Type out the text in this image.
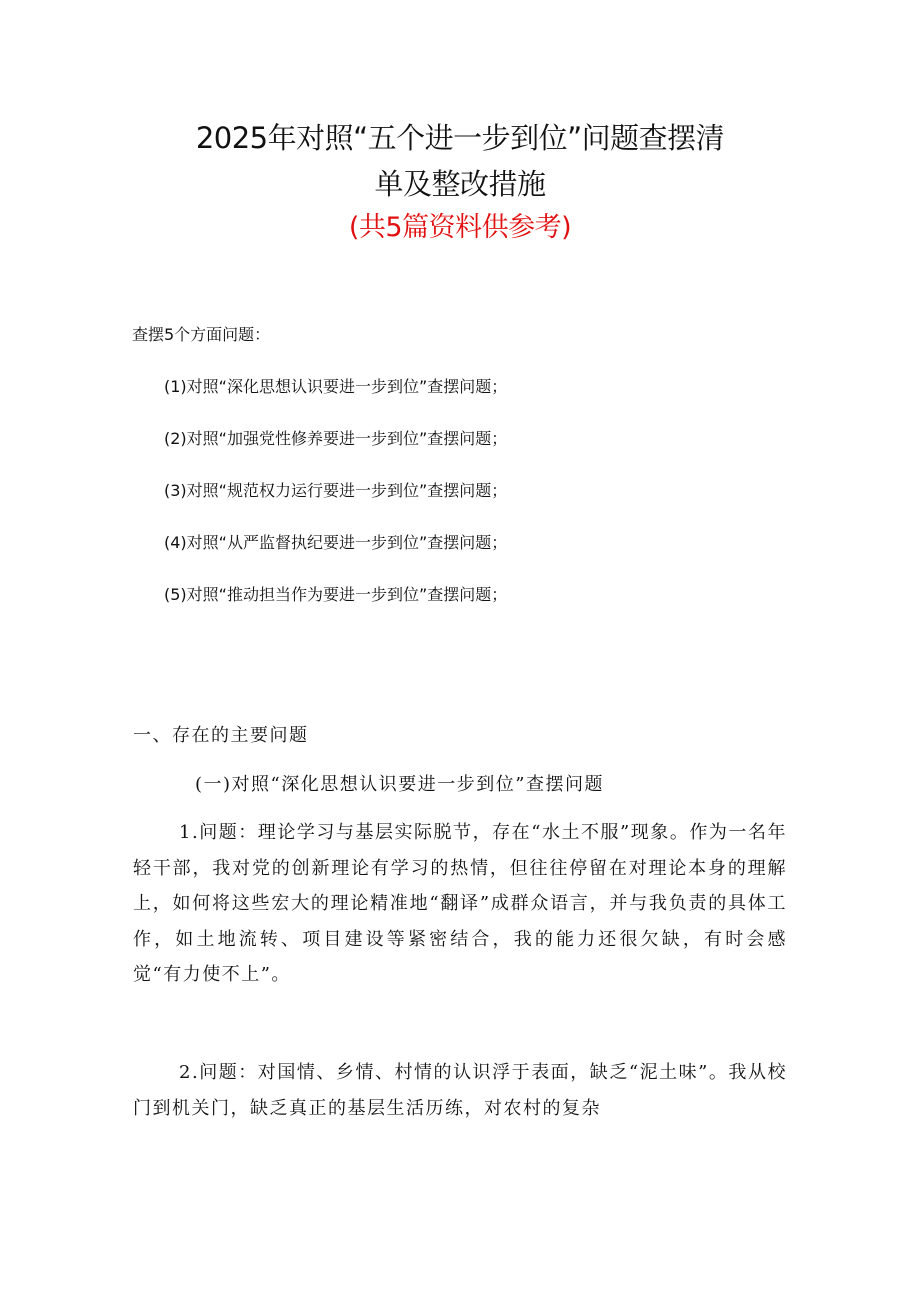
2025年对照“五个进一步到位”问题查摆清
单及整改措施
(共5篇资料供参考)
查摆5个方面问题：
(1)对照“深化思想认识要进一步到位”查摆问题；
(2)对照“加强党性修养要进一步到位”查摆问题；
(3)对照“规范权力运行要进一步到位”查摆问题；
(4)对照“从严监督执纪要进一步到位”查摆问题；
(5)对照“推动担当作为要进一步到位”查摆问题；
一、存在的主要问题
(一)对照“深化思想认识要进一步到位”查摆问题

1.问题：理论学习与基层实际脱节，存在“水土不服”现象。作为一名年轻干部，我对党的创新理论有学习的热情，但往往停留在对理论本身的理解上，如何将这些宏大的理论精准地“翻译”成群众语言，并与我负责的具体工作，如土地流转、项目建设等紧密结合，我的能力还很欠缺，有时会感觉“有力使不上”。

2.问题：对国情、乡情、村情的认识浮于表面，缺乏“泥土味”。我从校门到机关门，缺乏真正的基层生活历练，对农村的复杂
